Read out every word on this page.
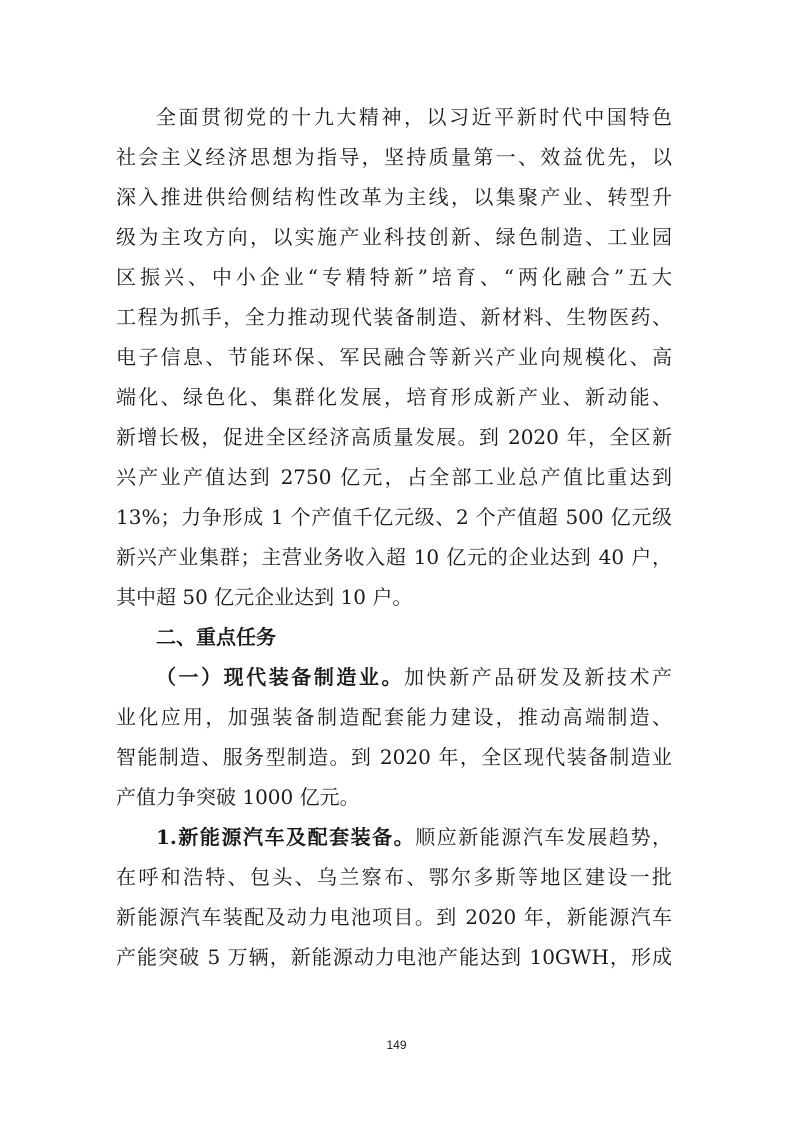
全面贯彻党的十九大精神，以习近平新时代中国特色
社会主义经济思想为指导，坚持质量第一、效益优先，以
深入推进供给侧结构性改革为主线，以集聚产业、转型升
级为主攻方向，以实施产业科技创新、绿色制造、工业园
区振兴、中小企业“专精特新”培育、“两化融合”五大
工程为抓手，全力推动现代装备制造、新材料、生物医药、
电子信息、节能环保、军民融合等新兴产业向规模化、高
端化、绿色化、集群化发展，培育形成新产业、新动能、
新增长极，促进全区经济高质量发展。到 2020 年，全区新
兴产业产值达到 2750 亿元，占全部工业总产值比重达到
13%；力争形成 1 个产值千亿元级、2 个产值超 500 亿元级
新兴产业集群；主营业务收入超 10 亿元的企业达到 40 户，
其中超 50 亿元企业达到 10 户。
二、重点任务
（一）现代装备制造业。加快新产品研发及新技术产
业化应用，加强装备制造配套能力建设，推动高端制造、
智能制造、服务型制造。到 2020 年，全区现代装备制造业
产值力争突破 1000 亿元。
1.新能源汽车及配套装备。顺应新能源汽车发展趋势，
在呼和浩特、包头、乌兰察布、鄂尔多斯等地区建设一批
新能源汽车装配及动力电池项目。到 2020 年，新能源汽车
产能突破 5 万辆，新能源动力电池产能达到 10GWH，形成
149
